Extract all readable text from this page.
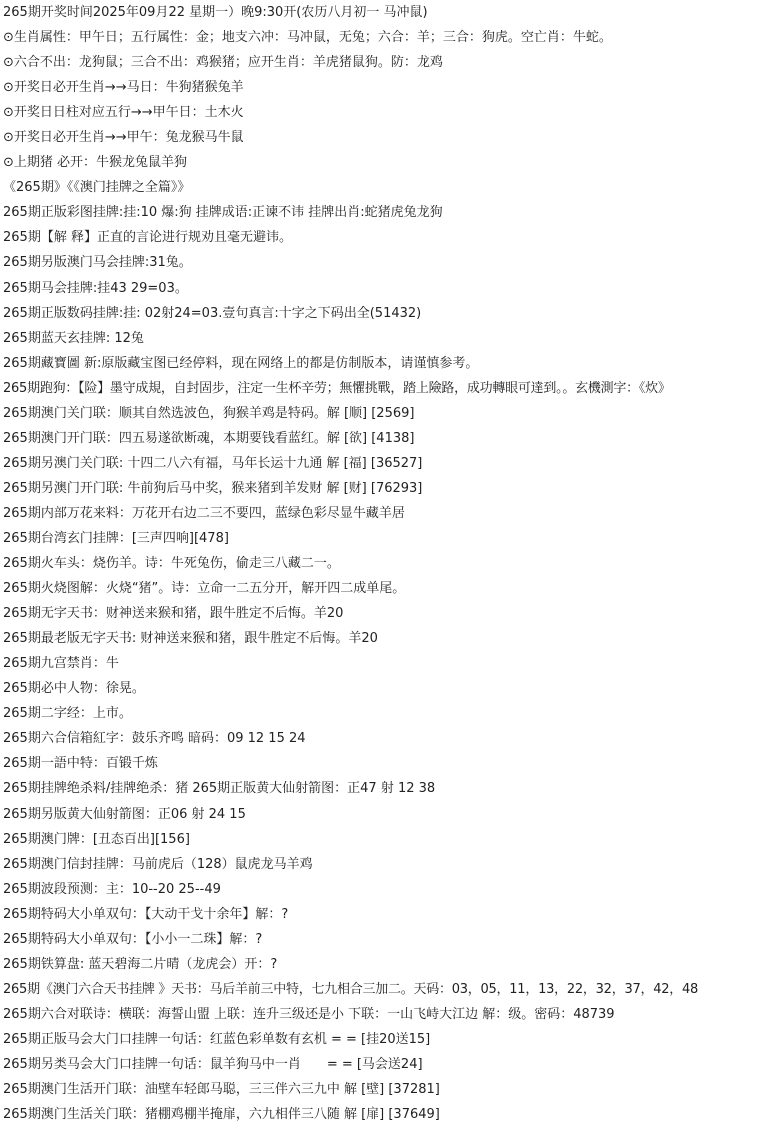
265期开奖时间2025年09月22 星期一）晚9:30开(农历八月初一 马冲鼠)
⊙生肖属性：甲午日；五行属性：金；地支六冲：马冲鼠，无兔；六合：羊；三合：狗虎。空亡肖：牛蛇。
⊙六合不出：龙狗鼠；三合不出：鸡猴猪；应开生肖：羊虎猪鼠狗。防：龙鸡
⊙开奖日必开生肖→→马日：牛狗猪猴兔羊
⊙开奖日日柱对应五行→→甲午日：土木火
⊙开奖日必开生肖→→甲午：兔龙猴马牛鼠
⊙上期猪 必开：牛猴龙兔鼠羊狗
《265期》《《澳门挂牌之全篇》》
265期正版彩图挂牌:挂:10 爆:狗 挂牌成语:正谏不讳 挂牌出肖:蛇猪虎兔龙狗
265期【解 释】正直的言论进行规劝且毫无避讳。
265期另版澳门马会挂牌:31兔。
265期马会挂牌:挂43 29=03。
265期正版数码挂牌:挂: 02射24=03.壹句真言:十字之下码出全(51432)
265期蓝天玄挂牌: 12兔
265期藏寶圖 新:原版藏宝图已经停料，现在网络上的都是仿制版本，请谨慎参考。
265期跑狗：【险】墨守成規，自封固步，注定一生杯辛劳；無懼挑戰，踏上險路，成功轉眼可達到。。玄機測字：《炊》
265期澳门关门联：顺其自然选波色，狗猴羊鸡是特码。解 [顺] [2569]
265期澳门开门联：四五易遂欲断魂，本期要钱看蓝红。解 [欲] [4138]
265期另澳门关门联: 十四二八六有福，马年长运十九通 解 [福] [36527]
265期另澳门开门联: 牛前狗后马中奖，猴来猪到羊发财 解 [财] [76293]
265期内部万花来料：万花开右边二三不要四，蓝绿色彩尽显牛藏羊居
265期台湾玄门挂牌：[三声四响][478]
265期火车头：烧伤羊。诗：牛死兔伤，偷走三八藏二一。
265期火烧图解：火烧“猪”。诗：立命一二五分开，解开四二成单尾。
265期无字天书：财神送来猴和猪，跟牛胜定不后悔。羊20
265期最老版无字天书: 财神送来猴和猪，跟牛胜定不后悔。羊20
265期九宫禁肖：牛
265期必中人物：徐晃。
265期二字经：上市。
265期六合信箱紅字：鼓乐齐鸣 暗码：09 12 15 24
265期一語中特：百锻千炼
265期挂牌绝杀料/挂牌绝杀：猪 265期正版黄大仙射箭图：正47 射 12 38
265期另版黄大仙射箭图：正06 射 24 15
265期澳门牌：[丑态百出][156]
265期澳门信封挂牌：马前虎后（128）鼠虎龙马羊鸡
265期波段预测：主：10--20 25--49
265期特码大小单双句：【大动干戈十余年】解：?
265期特码大小单双句：【小小一二珠】解：?
265期铁算盘: 蓝天碧海二片晴（龙虎会）开：?
265期《澳门六合天书挂牌 》天书：马后羊前三中特，七九相合三加二。天码：03，05，11，13，22，32，37，42，48
265期六合对联诗：横联：海誓山盟 上联：连升三级还是小 下联：一山飞峙大江边 解：级。密码：48739
265期正版马会大门口挂牌一句话：红蓝色彩单数有玄机 = = [挂20送15]
265期另类马会大门口挂牌一句话：鼠羊狗马中一肖　　= = [马会送24]
265期澳门生活开门联：油壁车轻郎马聪，三三伴六三九中 解 [壁] [37281]
265期澳门生活关门联：猪棚鸡棚半掩扉，六九相伴三八随 解 [扉] [37649]
